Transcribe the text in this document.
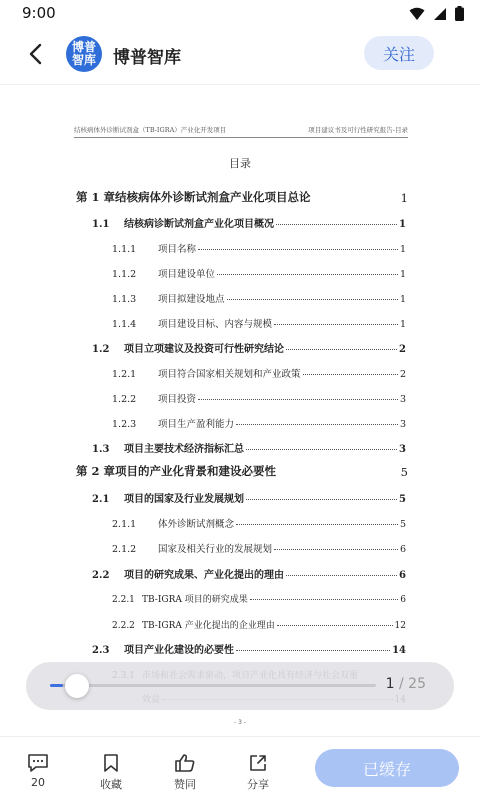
9:00
博普
智库 博普智库	关注
结核病体外诊断试剂盒（TB-IGRA）产业化开发项目	项目建议书及可行性研究报告-目录
目录
第 1 章 结核病体外诊断试剂盒产业化项目总论	1
1.1	结核病诊断试剂盒产业化项目概况	1
1.1.1	项目名称	1
1.1.2	项目建设单位	1
1.1.3	项目拟建设地点	1
1.1.4	项目建设目标、内容与规模	1
1.2	项目立项建议及投资可行性研究结论	2
1.2.1	项目符合国家相关规划和产业政策	2
1.2.2	项目投资	3
1.2.3	项目生产盈利能力	3
1.3	项目主要技术经济指标汇总	3
第 2 章 项目的产业化背景和建设必要性	5
2.1	项目的国家及行业发展规划	5
2.1.1	体外诊断试剂概念	5
2.1.2	国家及相关行业的发展规划	6
2.2	项目的研究成果、产业化提出的理由	6
2.2.1 TB-IGRA 项目的研究成果	6
2.2.2 TB-IGRA 产业化提出的企业理由	12
2.3	项目产业化建设的必要性	14
- 3 -
1 / 25
20	收藏	赞同	分享
已缓存
